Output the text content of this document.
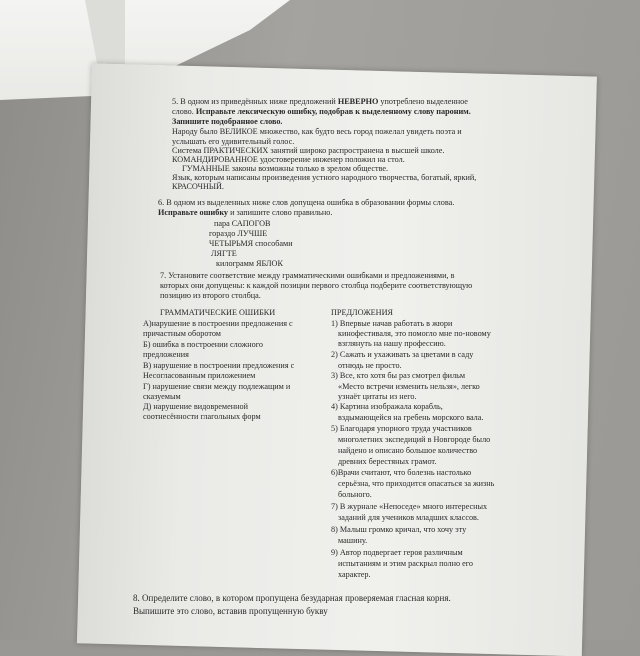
5. В одном из приведённых ниже предложений НЕВЕРНО употреблено выделенное
слово. Исправьте лексическую ошибку, подобрав к выделенному слову пароним.
Запишите подобранное слово.
Народу было ВЕЛИКОЕ множество, как будто весь город пожелал увидеть поэта и
услышать его удивительный голос.
Система ПРАКТИЧЕСКИХ занятий широко распространена в высшей школе.
КОМАНДИРОВАННОЕ удостоверение инженер положил на стол.
ГУМАННЫЕ законы возможны только в зрелом обществе.
Язык, которым написаны произведения устного народного творчества, богатый, яркий,
КРАСОЧНЫЙ.
6. В одном из выделенных ниже слов допущена ошибка в образовании формы слова.
Исправьте ошибку и запишите слово правильно.
пара САПОГОВ
гораздо ЛУЧШЕ
ЧЕТЫРЬМЯ способами
ЛЯГТЕ
килограмм ЯБЛОК
7. Установите соответствие между грамматическими ошибками и предложениями, в
которых они допущены: к каждой позиции первого столбца подберите соответствующую
позицию из второго столбца.
ГРАММАТИЧЕСКИЕ ОШИБКИ	ПРЕДЛОЖЕНИЯ
А)нарушение в построении предложения с
причастным оборотом
Б) ошибка в построении сложного
предложения
В) нарушение в построении предложения с
Несогласованным приложением
Г) нарушение связи между подлежащим и
сказуемым
Д) нарушение видовременной
соотнесённости глагольных форм
1) Впервые начав работать в жюри
кинофестиваля, это помогло мне по-новому
взглянуть на нашу профессию.
2) Сажать и ухаживать за цветами в саду
отнюдь не просто.
3) Все, кто хотя бы раз смотрел фильм
«Место встречи изменить нельзя», легко
узнаёт цитаты из него.
4) Картина изображала корабль,
вздымающейся на гребень морского вала.
5) Благодаря упорного труда участников
многолетних экспедиций в Новгороде было
найдено и описано большое количество
древних берестяных грамот.
6)Врачи считают, что болезнь настолько
серьёзна, что приходится опасаться за жизнь
больного.
7) В журнале «Непоседе» много интересных
заданий для учеников младших классов.
8) Малыш громко кричал, что хочу эту
машину.
9) Автор подвергает героя различным
испытаниям и этим раскрыл полно его
характер.
8. Определите слово, в котором пропущена безударная проверяемая гласная корня.
Выпишите это слово, вставив пропущенную букву
